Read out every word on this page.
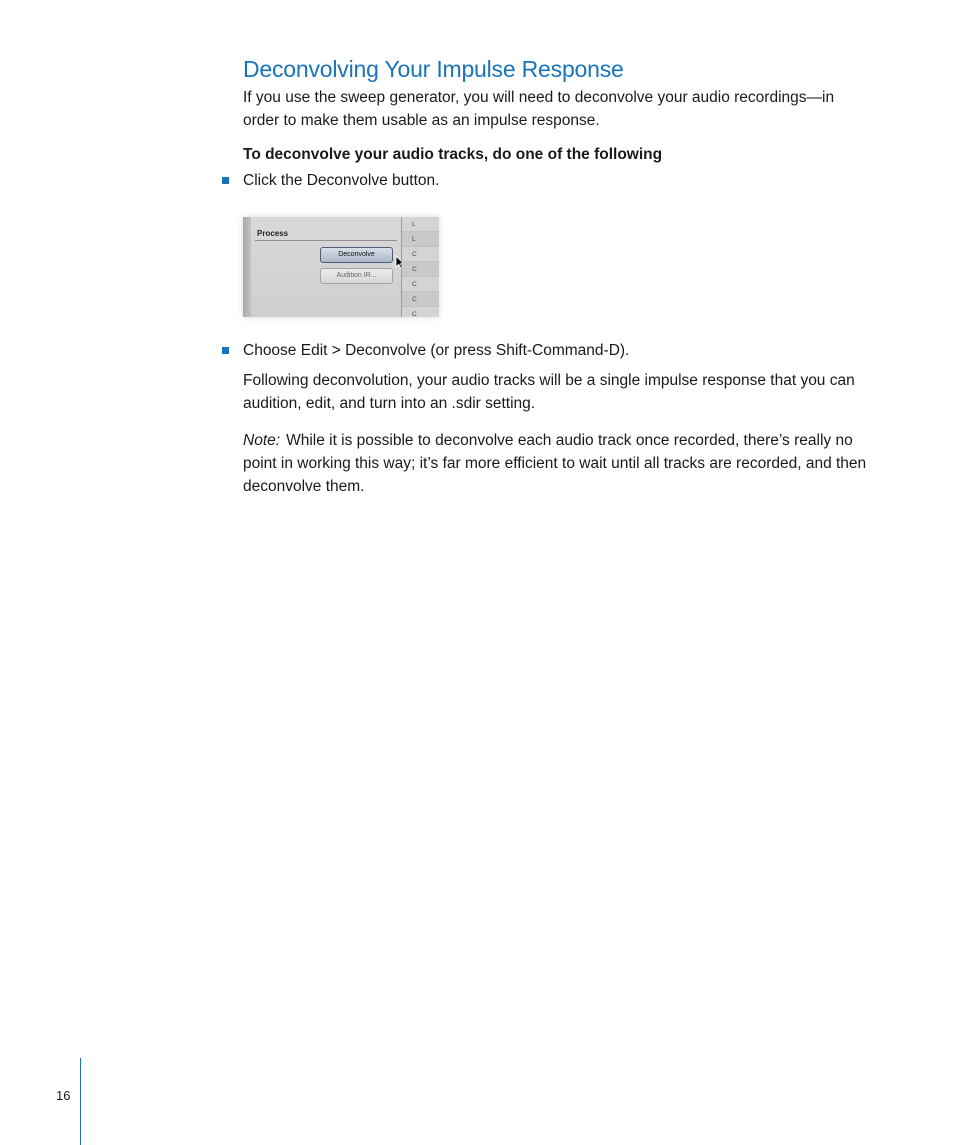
Deconvolving Your Impulse Response

If you use the sweep generator, you will need to deconvolve your audio recordings—in order to make them usable as an impulse response.

To deconvolve your audio tracks, do one of the following

Click the Deconvolve button.
Process
Deconvolve
Audition IR...
L
L
C
C
C
C
C
Choose Edit > Deconvolve (or press Shift-Command-D).

Following deconvolution, your audio tracks will be a single impulse response that you can audition, edit, and turn into an .sdir setting.

Note: While it is possible to deconvolve each audio track once recorded, there’s really no point in working this way; it’s far more efficient to wait until all tracks are recorded, and then deconvolve them.

16
